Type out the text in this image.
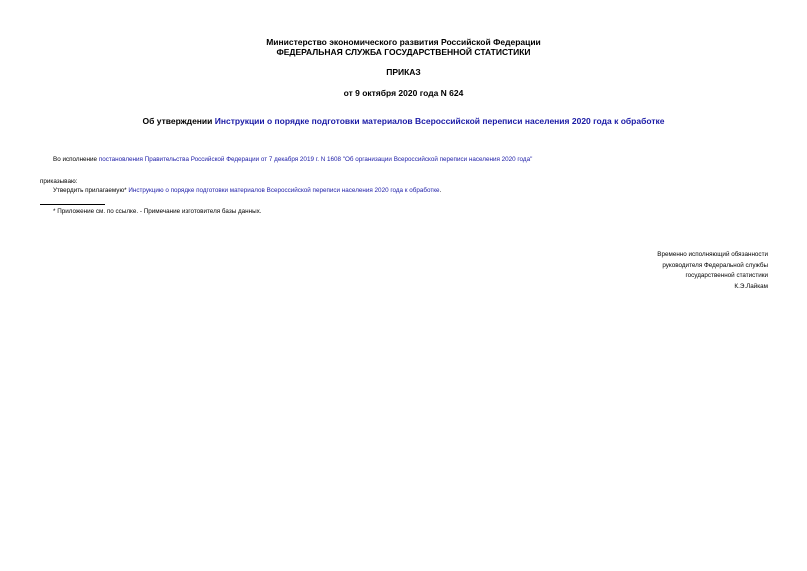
Министерство экономического развития Российской Федерации
ФЕДЕРАЛЬНАЯ СЛУЖБА ГОСУДАРСТВЕННОЙ СТАТИСТИКИ
ПРИКАЗ
от 9 октября 2020 года N 624
Об утверждении Инструкции о порядке подготовки материалов Всероссийской переписи населения 2020 года к обработке
Во исполнение постановления Правительства Российской Федерации от 7 декабря 2019 г. N 1608 "Об организации Всероссийской переписи населения 2020 года"
приказываю:
Утвердить прилагаемую* Инструкцию о порядке подготовки материалов Всероссийской переписи населения 2020 года к обработке.
* Приложение см. по ссылке. - Примечание изготовителя базы данных.
Временно исполняющий обязанности
руководителя Федеральной службы
государственной статистики
К.Э.Лайкам
